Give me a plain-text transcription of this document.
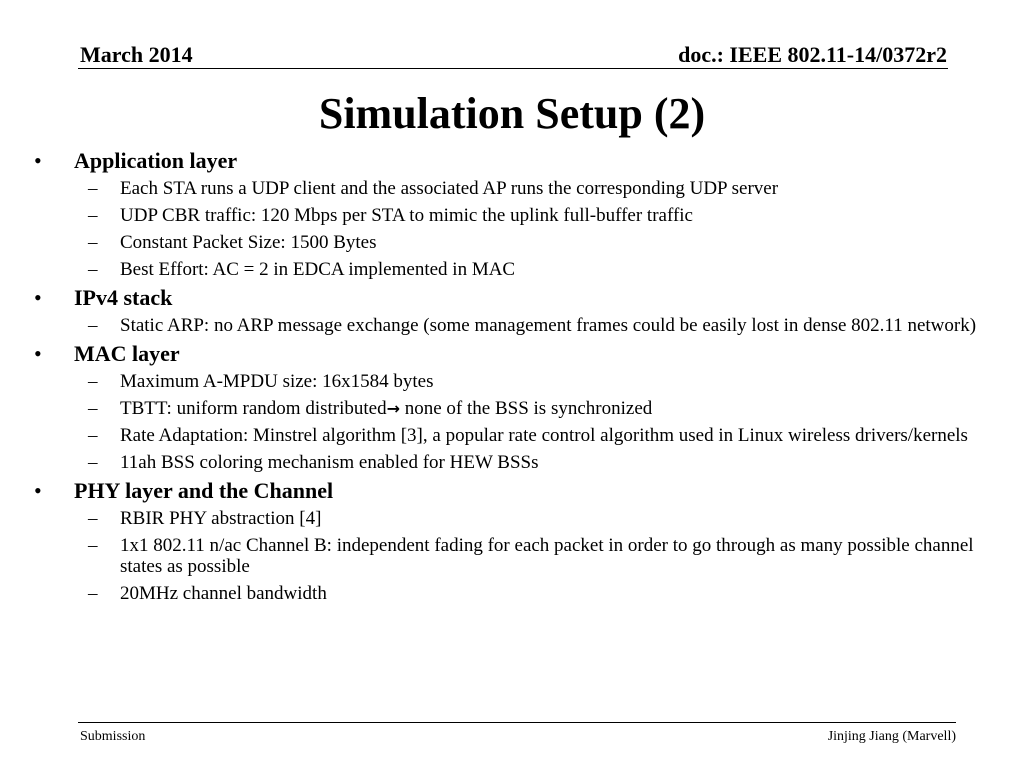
March 2014	doc.: IEEE 802.11-14/0372r2
Simulation Setup (2)
• Application layer
– Each STA runs a UDP client and the associated AP runs the corresponding UDP server
– UDP CBR traffic: 120 Mbps per STA to mimic the uplink full-buffer traffic
– Constant Packet Size: 1500 Bytes
– Best Effort: AC = 2 in EDCA implemented in MAC
• IPv4 stack
– Static ARP: no ARP message exchange (some management frames could be easily lost in dense 802.11 network)
• MAC layer
– Maximum A-MPDU size: 16x1584 bytes
– TBTT: uniform random distributed→ none of the BSS is synchronized
– Rate Adaptation: Minstrel algorithm [3], a popular rate control algorithm used in Linux wireless drivers/kernels
– 11ah BSS coloring mechanism enabled for HEW BSSs
• PHY layer and the Channel
– RBIR PHY abstraction [4]
– 1x1 802.11 n/ac Channel B: independent fading for each packet in order to go through as many possible channel states as possible
– 20MHz channel bandwidth
Submission	Jinjing Jiang (Marvell)
